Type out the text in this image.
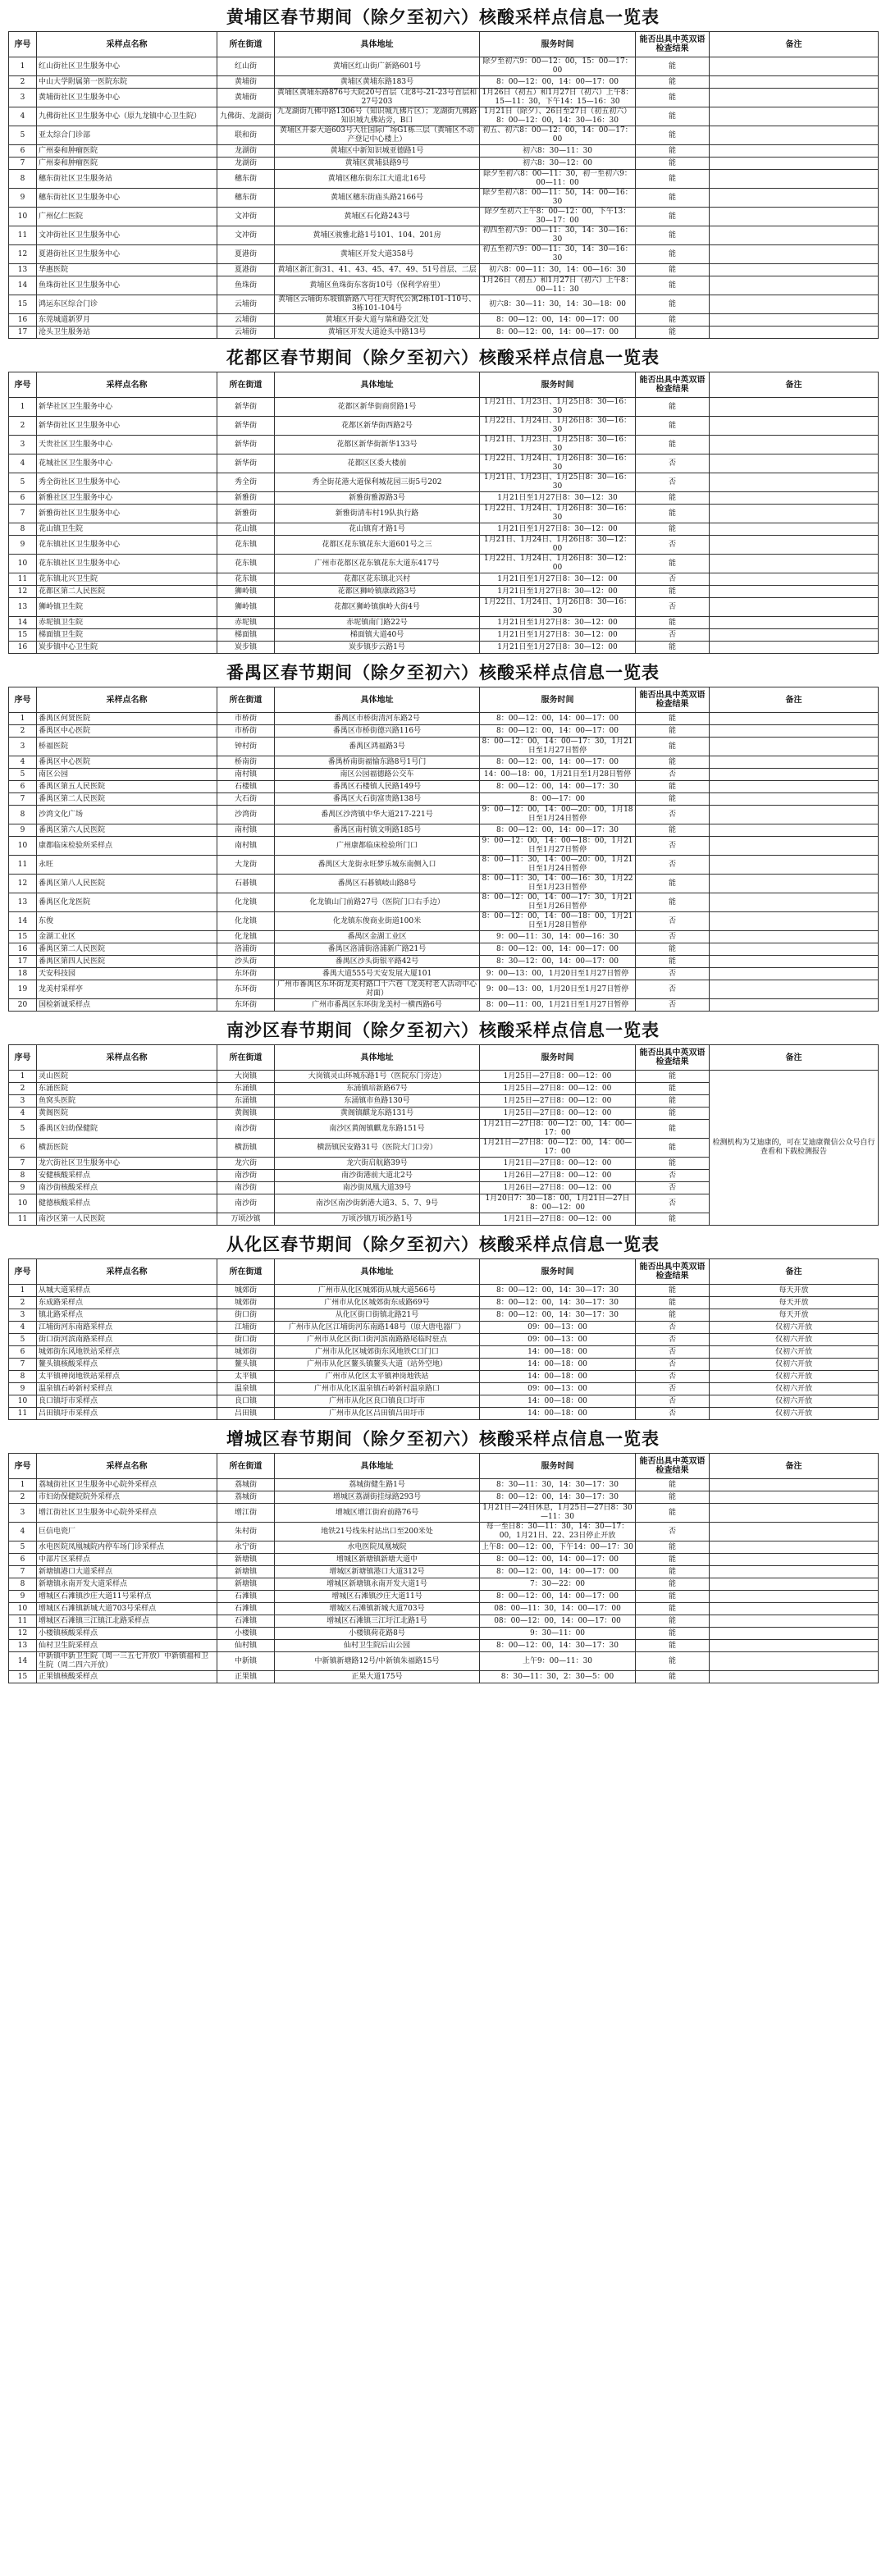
黄埔区春节期间（除夕至初六）核酸采样点信息一览表
序号	采样点名称	所在街道	具体地址	服务时间	能否出具中英双语检查结果	备注
1	红山街社区卫生服务中心	红山街	黄埔区红山街广新路601号	除夕至初六9：00—12：00，15：00—17：00	能	
2	中山大学附属第一医院东院	黄埔街	黄埔区黄埔东路183号	8：00—12：00，14：00—17：00	能	
3	黄埔街社区卫生服务中心	黄埔街	黄埔区黄埔东路876号大院20号首层（北8号-21-23号首层和27号203	1月26日（初五）和1月27日（初六）上午8：15—11：30，下午14：15—16：30	能	
4	九佛街社区卫生服务中心（原九龙镇中心卫生院）	九佛街、龙湖街	九龙湖街九佛中路1306号（知识城九佛片区）；龙湖街九佛路知识城九佛站旁，B口	1月21日（除夕）、26日至27日（初五初六）8：00—12：00，14：30—16：30	能	
5	亚太综合门诊部	联和街	黄埔区开泰大道603号大壮国际广场G1栋三层（黄埔区不动产登记中心楼上）	初五、初六8：00—12：00，14：00—17：00	能	
6	广州泰和肿瘤医院	龙湖街	黄埔区中新知识城亚德路1号	初六8：30—11：30	能	
7	广州泰和肿瘤医院	龙湖街	黄埔区黄埔县路9号	初六8：30—12：00	能	
8	穗东街社区卫生服务站	穗东街	黄埔区穗东街东江大道北16号	除夕至初六8：00—11：30，初一至初六9：00—11：00	能	
9	穗东街社区卫生服务中心	穗东街	黄埔区穗东街庙头路2166号	除夕至初六8：00—11：50，14：00—16：30	能	
10	广州亿仁医院	文冲街	黄埔区石化路243号	除夕至初六上午8：00—12：00，下午13：30—17：00	能	
11	文冲街社区卫生服务中心	文冲街	黄埔区骏雅北路1号101、104、201房	初四至初六9：00—11：30，14：30—16：30	能	
12	夏港街社区卫生服务中心	夏港街	黄埔区开发大道358号	初五至初六9：00—11：30，14：30—16：30	能	
13	华惠医院	夏港街	黄埔区新汇街31、41、43、45、47、49、51号首层、二层	初六8：00—11：30，14：00—16：30	能	
14	鱼珠街社区卫生服务中心	鱼珠街	黄埔区鱼珠街东客街10号（保利学府里）	1月26日（初五）和1月27日（初六）上午8：00—11：30	能	
15	鸿运东区综合门诊	云埔街	黄埔区云埔街东坡镇新路八号住大时代公寓2栋101-110号、3栋101-104号	初六8：30—11：30，14：30—18：00	能	
16	东莞城道新罗月	云埔街	黄埔区开泰大道与瑞和路交汇处	8：00—12：00，14：00—17：00	能	
17	沧头卫生服务站	云埔街	黄埔区开发大道沧头中路13号	8：00—12：00，14：00—17：00	能	
花都区春节期间（除夕至初六）核酸采样点信息一览表
序号	采样点名称	所在街道	具体地址	服务时间	能否出具中英双语检查结果	备注
1	新华社区卫生服务中心	新华街	花都区新华街商贸路1号	1月21日、1月23日、1月25日8：30—16：30	能	
2	新华街社区卫生服务中心	新华街	花都区新华街西路2号	1月22日、1月24日、1月26日8：30—16：30	能	
3	天贵社区卫生服务中心	新华街	花都区新华街新华133号	1月21日、1月23日、1月25日8：30—16：30	能	
4	花城社区卫生服务中心	新华街	花都区区委大楼前	1月22日、1月24日、1月26日8：30—16：30	否	
5	秀全街社区卫生服务中心	秀全街	秀全街花港大道保利城花园三街5号202	1月21日、1月23日、1月25日8：30—16：30	否	
6	新雅社区卫生服务中心	新雅街	新雅街雅源路3号	1月21日至1月27日8：30—12：30	能	
7	新雅街社区卫生服务中心	新雅街	新雅街清布村19队执行路	1月22日、1月24日、1月26日8：30—16：30	能	
8	花山镇卫生院	花山镇	花山镇育才路1号	1月21日至1月27日8：30—12：00	能	
9	花东镇社区卫生服务中心	花东镇	花都区花东镇花东大道601号之三	1月21日、1月24日、1月26日8：30—12：00	否	
10	花东镇社区卫生服务中心	花东镇	广州市花都区花东镇花东大道东417号	1月22日、1月24日、1月26日8：30—12：00	能	
11	花东镇北兴卫生院	花东镇	花都区花东镇北兴村	1月21日至1月27日8：30—12：00	否	
12	花都区第二人民医院	狮岭镇	花都区狮岭镇康政路3号	1月21日至1月27日8：30—12：00	能	
13	狮岭镇卫生院	狮岭镇	花都区狮岭镇旗岭大街4号	1月22日、1月24日、1月26日8：30—16：30	否	
14	赤坭镇卫生院	赤坭镇	赤坭镇南门路22号	1月21日至1月27日8：30—12：00	能	
15	梯面镇卫生院	梯面镇	梯面镇大道40号	1月21日至1月27日8：30—12：00	否	
16	炭步镇中心卫生院	炭步镇	炭步镇步云路1号	1月21日至1月27日8：30—12：00	能	
番禺区春节期间（除夕至初六）核酸采样点信息一览表
序号	采样点名称	所在街道	具体地址	服务时间	能否出具中英双语检查结果	备注
1	番禺区何贤医院	市桥街	番禺区市桥街清河东路2号	8：00—12：00，14：00—17：00	能	
2	番禺区中心医院	市桥街	番禺区市桥街德兴路116号	8：00—12：00，14：00—17：00	能	
3	桥福医院	钟村街	番禺区鸿福路3号	8：00—12：00，14：00—17：30，1月21日至1月27日暂停	能	
4	番禺区中心医院	桥南街	番禺桥南街福愉东路8号1号门	8：00—12：00，14：00—17：00	能	
5	南区公园	南村镇	南区公园福德路公交车	14：00—18：00，1月21日至1月28日暂停	否	
6	番禺区第五人民医院	石楼镇	番禺区石楼镇人民路149号	8：00—12：00，14：00—17：30	能	
7	番禺区第二人民医院	大石街	番禺区大石街富贵路138号	8：00—17：00	能	
8	沙湾文化广场	沙湾街	番禺区沙湾镇中华大道217-221号	9：00—12：00，14：00—20：00，1月18日至1月24日暂停	否	
9	番禺区第六人民医院	南村镇	番禺区南村镇文明路185号	8：00—12：00，14：00—17：30	能	
10	康都临床检验所采样点	南村镇	广州康都临床检验所门口	9：00—12：00，14：00—18：00，1月21日至1月27日暂停	否	
11	永旺	大龙街	番禺区大龙街永旺梦乐城东南侧入口	8：00—11：30，14：00—20：00，1月21日至1月24日暂停	否	
12	番禺区第八人民医院	石碁镇	番禺区石碁镇岐山路8号	8：00—11：30，14：00—16：30，1月22日至1月23日暂停	能	
13	番禺区化龙医院	化龙镇	化龙镇山门前路27号（医院门口右手边）	8：00—12：00，14：00—17：30，1月21日至1月26日暂停	能	
14	东俊	化龙镇	化龙镇东俊商业街道100米	8：00—12：00，14：00—18：00，1月21日至1月28日暂停	否	
15	金湖工业区	化龙镇	番禺区金湖工业区	9：00—11：30，14：00—16：30	否	
16	番禺区第二人民医院	洛浦街	番禺区洛浦街洛浦新广路21号	8：00—12：00，14：00—17：00	能	
17	番禺区第四人民医院	沙头街	番禺区沙头街银平路42号	8：30—12：00，14：00—17：00	能	
18	天安科技园	东环街	番禺大道555号天安发展大厦101	9：00—13：00，1月20日至1月27日暂停	否	
19	龙美村采样亭	东环街	广州市番禺区东环街龙美村路口十六巷（龙美村老人活动中心对面）	9：00—13：00，1月20日至1月27日暂停	否	
20	国检新诚采样点	东环街	广州市番禺区东环街龙美村一横西路6号	8：00—11：00，1月21日至1月27日暂停	否	
南沙区春节期间（除夕至初六）核酸采样点信息一览表
序号	采样点名称	所在街道	具体地址	服务时间	能否出具中英双语检查结果	备注
1	灵山医院	大岗镇	大岗镇灵山环城东路1号（医院东门旁边）	1月25日—27日8：00—12：00	能	检测机构为艾迪康的，可在艾迪康微信公众号自行查看和下载检测报告
2	东涌医院	东涌镇	东涌镇培新路67号	1月25日—27日8：00—12：00	能	
3	鱼窝头医院	东涌镇	东涌镇市鱼路130号	1月25日—27日8：00—12：00	能	
4	黄阁医院	黄阁镇	黄阁镇麒龙东路131号	1月25日—27日8：00—12：00	能	
5	番禺区妇幼保健院	南沙街	南沙区黄阁镇麒龙东路151号	1月21日—27日8：00—12：00，14：00—17：00	能	
6	横沥医院	横沥镇	横沥镇民安路31号（医院大门口旁）	1月21日—27日8：00—12：00，14：00—17：00	能	
7	龙穴街社区卫生服务中心	龙穴街	龙穴街启航路39号	1月21日—27日8：00—12：00	能	
8	安健核酸采样点	南沙街	南沙街港前大道北2号	1月26日—27日8：00—12：00	否	
9	南沙街核酸采样点	南沙街	南沙街凤凰大道39号	1月26日—27日8：00—12：00	否	
10	健德核酸采样点	南沙街	南沙区南沙街新港大道3、5、7、9号	1月20日7：30—18：00，1月21日—27日8：00—12：00	否	
11	南沙区第一人民医院	万顷沙镇	万顷沙镇万顷沙路1号	1月21日—27日8：00—12：00	能	
从化区春节期间（除夕至初六）核酸采样点信息一览表
序号	采样点名称	所在街道	具体地址	服务时间	能否出具中英双语检查结果	备注
1	从城大道采样点	城郊街	广州市从化区城郊街从城大道566号	8：00—12：00，14：30—17：30	能	每天开放
2	东成路采样点	城郊街	广州市从化区城郊街东成路69号	8：00—12：00，14：30—17：30	能	每天开放
3	镇北路采样点	街口街	从化区街口街镇北路21号	8：00—12：00，14：30—17：30	能	每天开放
4	江埔街河东南路采样点	江埔街	广州市从化区江埔街河东南路148号（原大唐电器厂）	09：00—13：00	否	仅初六开放
5	街口街河滨南路采样点	街口街	广州市从化区街口街河滨南路路尾临时驻点	09：00—13：00	否	仅初六开放
6	城郊街东风地铁站采样点	城郊街	广州市从化区城郊街东风地铁C口门口	14：00—18：00	否	仅初六开放
7	鳌头镇核酸采样点	鳌头镇	广州市从化区鳌头镇鳌头大道（站外空地）	14：00—18：00	否	仅初六开放
8	太平镇神岗地铁站采样点	太平镇	广州市从化区太平镇神岗地铁站	14：00—18：00	否	仅初六开放
9	温泉镇石岭新村采样点	温泉镇	广州市从化区温泉镇石岭新村温泉路口	09：00—13：00	否	仅初六开放
10	良口镇圩市采样点	良口镇	广州市从化区良口镇良口圩市	14：00—18：00	否	仅初六开放
11	吕田镇圩市采样点	吕田镇	广州市从化区吕田镇吕田圩市	14：00—18：00	否	仅初六开放
增城区春节期间（除夕至初六）核酸采样点信息一览表
序号	采样点名称	所在街道	具体地址	服务时间	能否出具中英双语检查结果	备注
1	荔城街社区卫生服务中心院外采样点	荔城街	荔城街健生路1号	8：30—11：30，14：30—17：30	能	
2	市妇幼保健院院外采样点	荔城街	增城区荔湖街挂绿路293号	8：00—12：00，14：30—17：30	能	
3	增江街社区卫生服务中心院外采样点	增江街	增城区增江街府前路76号	1月21日—24日休息，1月25日—27日8：30—11：30	能	
4	巨信电瓷厂	朱村街	地铁21号线朱村站出口至200米处	每一至日8：30—11：30，14：30—17：00，1月21日、22、23日停止开放	否	
5	水电医院凤凰城院内停车场门诊采样点	永宁街	水电医院凤凰城院	上午8：00—12：00，下午14：00—17：30	能	
6	中部片区采样点	新塘镇	增城区新塘镇新塘大道中	8：00—12：00，14：00—17：00	能	
7	新塘镇港口大道采样点	新塘镇	增城区新塘镇港口大道312号	8：00—12：00，14：00—17：00	能	
8	新塘镇永南开发大道采样点	新塘镇	增城区新塘镇永南开发大道1号	7：30—22：00	能	
9	增城区石滩镇沙庄大道11号采样点	石滩镇	增城区石滩镇沙庄大道11号	8：00—12：00，14：00—17：00	能	
10	增城区石滩镇新城大道703号采样点	石滩镇	增城区石滩镇新城大道703号	08：00—11：30，14：00—17：00	能	
11	增城区石滩镇三江镇江北路采样点	石滩镇	增城区石滩镇三江圩江北路1号	08：00—12：00，14：00—17：00	能	
12	小楼镇核酸采样点	小楼镇	小楼镇荷花路8号	9：30—11：00	能	
13	仙村卫生院采样点	仙村镇	仙村卫生院后山公园	8：00—12：00，14：30—17：30	能	
14	中新镇中新卫生院（周一三五七开放）中新镇福和卫生院（周二四六开放）	中新镇	中新镇新塘路12号/中新镇朱福路15号	上午9：00—11：30	能	
15	正果镇核酸采样点	正果镇	正果大道175号	8：30—11：30，2：30—5：00	能	
